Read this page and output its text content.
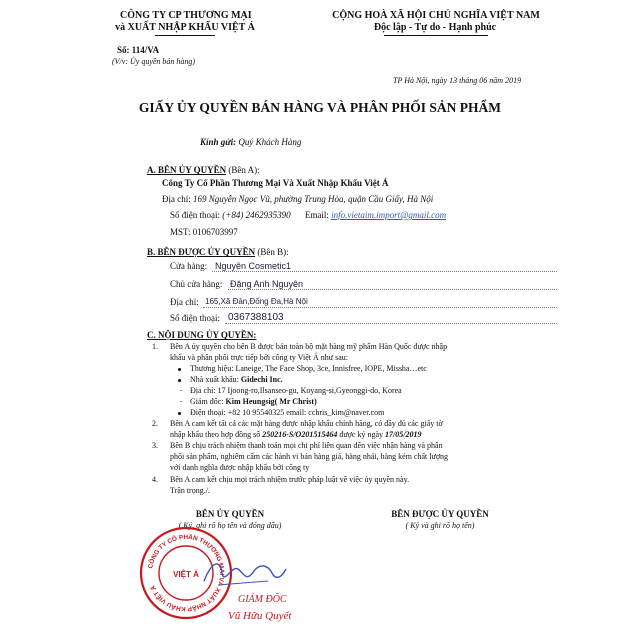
CÔNG TY CP THƯƠNG MẠI
và XUẤT NHẬP KHẨU VIỆT Á
CỘNG HOÀ XÃ HỘI CHỦ NGHĨA VIỆT NAM
Độc lập - Tự do - Hạnh phúc
Số: 114/VA
(V/v: Ủy quyền bán hàng)
TP Hà Nội, ngày 13 tháng 06 năm 2019
GIẤY ỦY QUYỀN BÁN HÀNG VÀ PHÂN PHỐI SẢN PHẨM
Kính gửi: Quý Khách Hàng
A. BÊN ỦY QUYỀN (Bên A):
Công Ty Cổ Phần Thương Mại Và Xuất Nhập Khẩu Việt Á
Địa chỉ: 169 Nguyễn Ngọc Vũ, phường Trung Hòa, quận Cầu Giấy, Hà Nội
Số điện thoại: (+84) 2462935390 Email: info.vietaim.import@gmail.com
MST: 0106703997
B. BÊN ĐƯỢC ỦY QUYỀN (Bên B):
Cửa hàng: Nguyên Cosmetic1
Chủ cửa hàng: Đặng Anh Nguyên
Địa chỉ: 165,Xã Đàn,Đống Đa,Hà Nội
Số điện thoại: 0367388103
C. NỘI DUNG ỦY QUYỀN:
1. Bên A ủy quyền cho bên B được bán toàn bộ mặt hàng mỹ phẩm Hàn Quốc được nhập
khẩu và phân phối trực tiếp bởi công ty Việt Á như sau:
Thương hiệu: Laneige, The Face Shop, 3ce, Innisfree, IOPE, Missha…etc
Nhà xuất khẩu: Gidechi Inc.
- Địa chỉ: 17 Ijoong-ro,Ilsanseo-gu, Koyang-si,Gyeonggi-do, Korea
- Giám đốc: Kim Heungsig( Mr Christ)
Điện thoại: +82 10 95540325 email: cchris_kim@naver.com
2. Bên A cam kết tất cả các mặt hàng được nhập khẩu chính hãng, có đầy đủ các giấy tờ
nhập khẩu theo hợp đồng số 250216-S/O201515464 được ký ngày 17/05/2019
3. Bên B chịu trách nhiệm thanh toán mọi chi phí liên quan đến việc nhận hàng và phân
phối sản phẩm, nghiêm cấm các hành vi bán hàng giả, hàng nhái, hàng kém chất lượng
với danh nghĩa được nhập khẩu bởi công ty
4. Bên A cam kết chịu mọi trách nhiệm trước pháp luật về việc ủy quyền này.
Trân trọng./.
BÊN ỦY QUYỀN
( Ký, ghi rõ họ tên và đóng dấu)
BÊN ĐƯỢC ỦY QUYỀN
( Ký và ghi rõ họ tên)
CÔNG TY CỔ PHẦN THƯƠNG MẠI VÀ XUẤT NHẬP KHẨU VIỆT Á
VIỆT Á
GIÁM ĐỐC
Vũ Hữu Quyết
